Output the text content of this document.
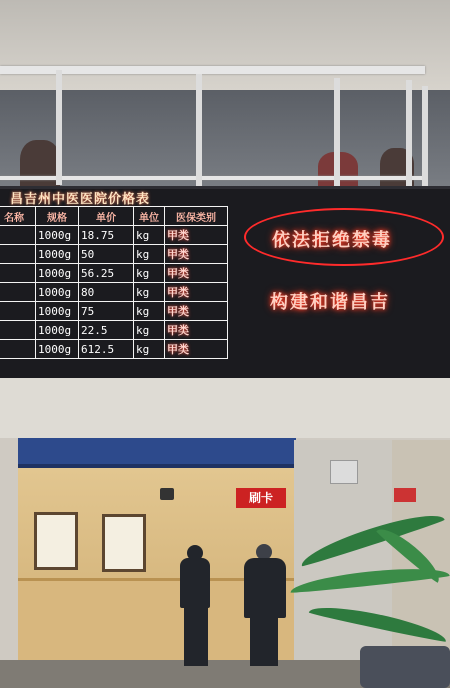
昌吉州中医医院价格表
名称	规格	单价	单位	医保类别
	1000g	18.75	kg	甲类
	1000g	50	kg	甲类
	1000g	56.25	kg	甲类
	1000g	80	kg	甲类
	1000g	75	kg	甲类
	1000g	22.5	kg	甲类
	1000g	612.5	kg	甲类
依法拒绝禁毒
构建和谐昌吉
刷卡
